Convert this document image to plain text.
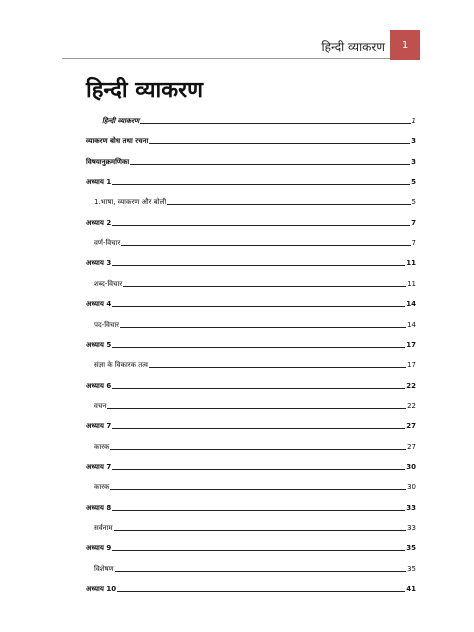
हिन्दी व्याकरण 1
हिन्दी व्याकरण
हिन्दी व्याकरण	1
व्याकरण बोध तथा रचना	3
विषयानुक्रमणिका	3
अध्याय 1	5
1.भाषा, व्याकरण और बोली	5
अध्याय 2	7
वर्ण-विचार	7
अध्याय 3	11
शब्द-विचार	11
अध्याय 4	14
पद-विचार	14
अध्याय 5	17
संज्ञा के विकारक तत्व	17
अध्याय 6	22
वचन	22
अध्याय 7	27
कारक	27
अध्याय 7	30
कारक	30
अध्याय 8	33
सर्वनाम	33
अध्याय 9	35
विशेषण	35
अध्याय 10	41
